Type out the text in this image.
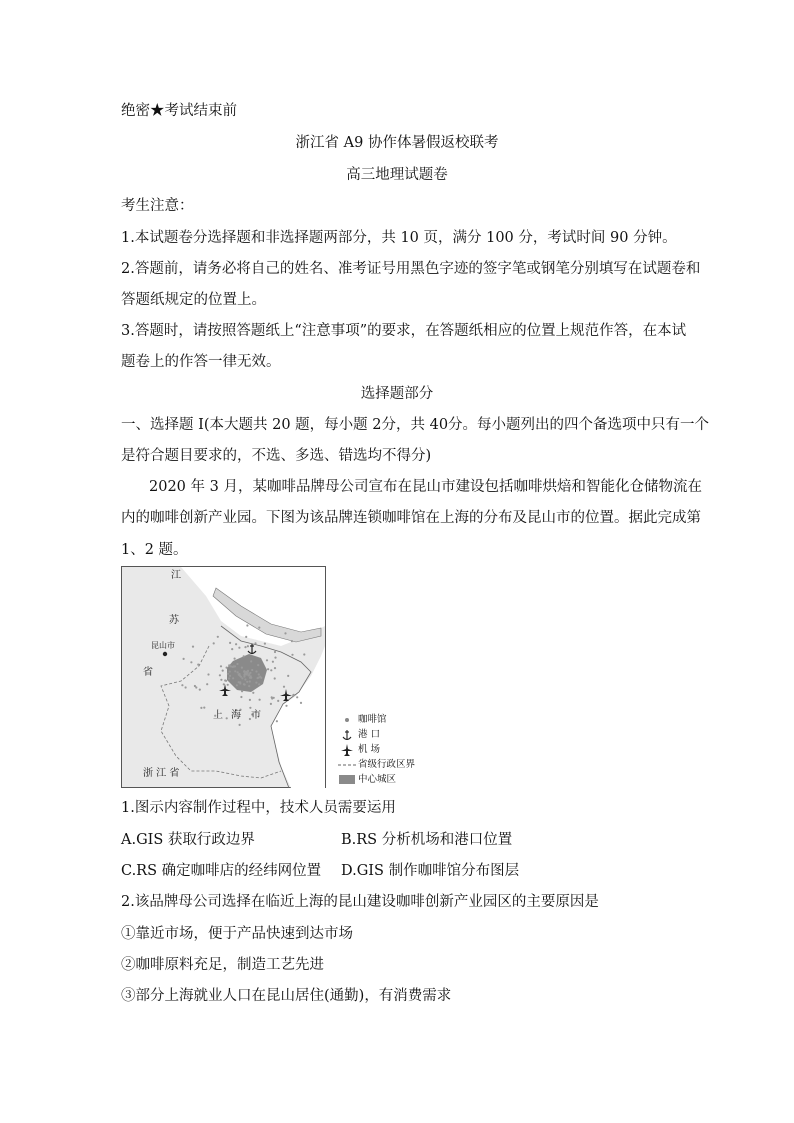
绝密★考试结束前
浙江省 A9 协作体暑假返校联考
高三地理试题卷
考生注意：
1.本试题卷分选择题和非选择题两部分，共 10 页，满分 100 分，考试时间 90 分钟。
2.答题前，请务必将自己的姓名、准考证号用黑色字迹的签字笔或钢笔分别填写在试题卷和
答题纸规定的位置上。
3.答题时，请按照答题纸上“注意事项”的要求，在答题纸相应的位置上规范作答，在本试
题卷上的作答一律无效。
选择题部分
一、选择题 I(本大题共 20 题，每小题 2分，共 40分。每小题列出的四个备选项中只有一个
是符合题目要求的，不选、多选、错选均不得分)
2020 年 3 月，某咖啡品牌母公司宣布在昆山市建设包括咖啡烘焙和智能化仓储物流在
内的咖啡创新产业园。下图为该品牌连锁咖啡馆在上海的分布及昆山市的位置。据此完成第
1、2 题。
江
苏
昆山市
省
上 海 市
浙 江 省
咖啡馆
港 口
机 场
省级行政区界
中心城区
1.图示内容制作过程中，技术人员需要运用
A.GIS 获取行政边界	B.RS 分析机场和港口位置
C.RS 确定咖啡店的经纬网位置 D.GIS 制作咖啡馆分布图层
2.该品牌母公司选择在临近上海的昆山建设咖啡创新产业园区的主要原因是
①靠近市场，便于产品快速到达市场
②咖啡原料充足，制造工艺先进
③部分上海就业人口在昆山居住(通勤)，有消费需求
